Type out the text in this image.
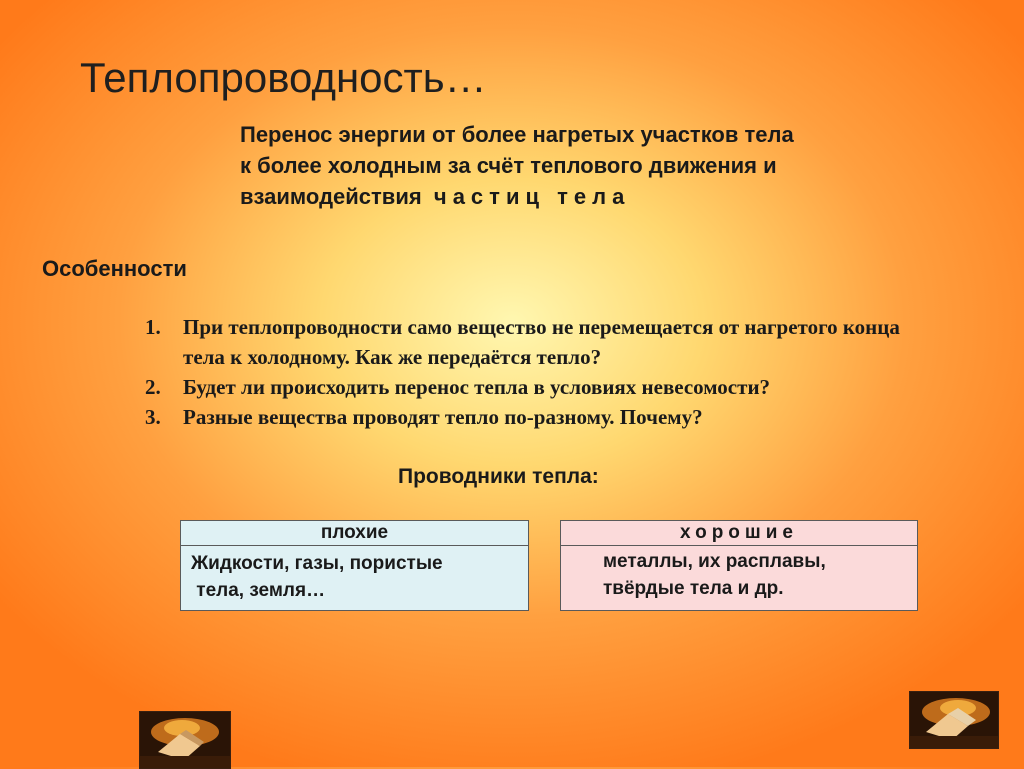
Теплопроводность…
Перенос энергии от более нагретых участков тела
к более холодным за счёт теплового движения и
взаимодействия  частиц тела
Особенности
1.	При теплопроводности само вещество не перемещается от нагретого конца тела к холодному. Как же передаётся тепло?
2.	Будет ли происходить перенос тепла в условиях невесомости?
3.	Разные вещества проводят тепло по-разному. Почему?
Проводники тепла:
плохие
Жидкости, газы, пористые
тела, земля…
хорошие
металлы, их расплавы,
твёрдые тела и др.
